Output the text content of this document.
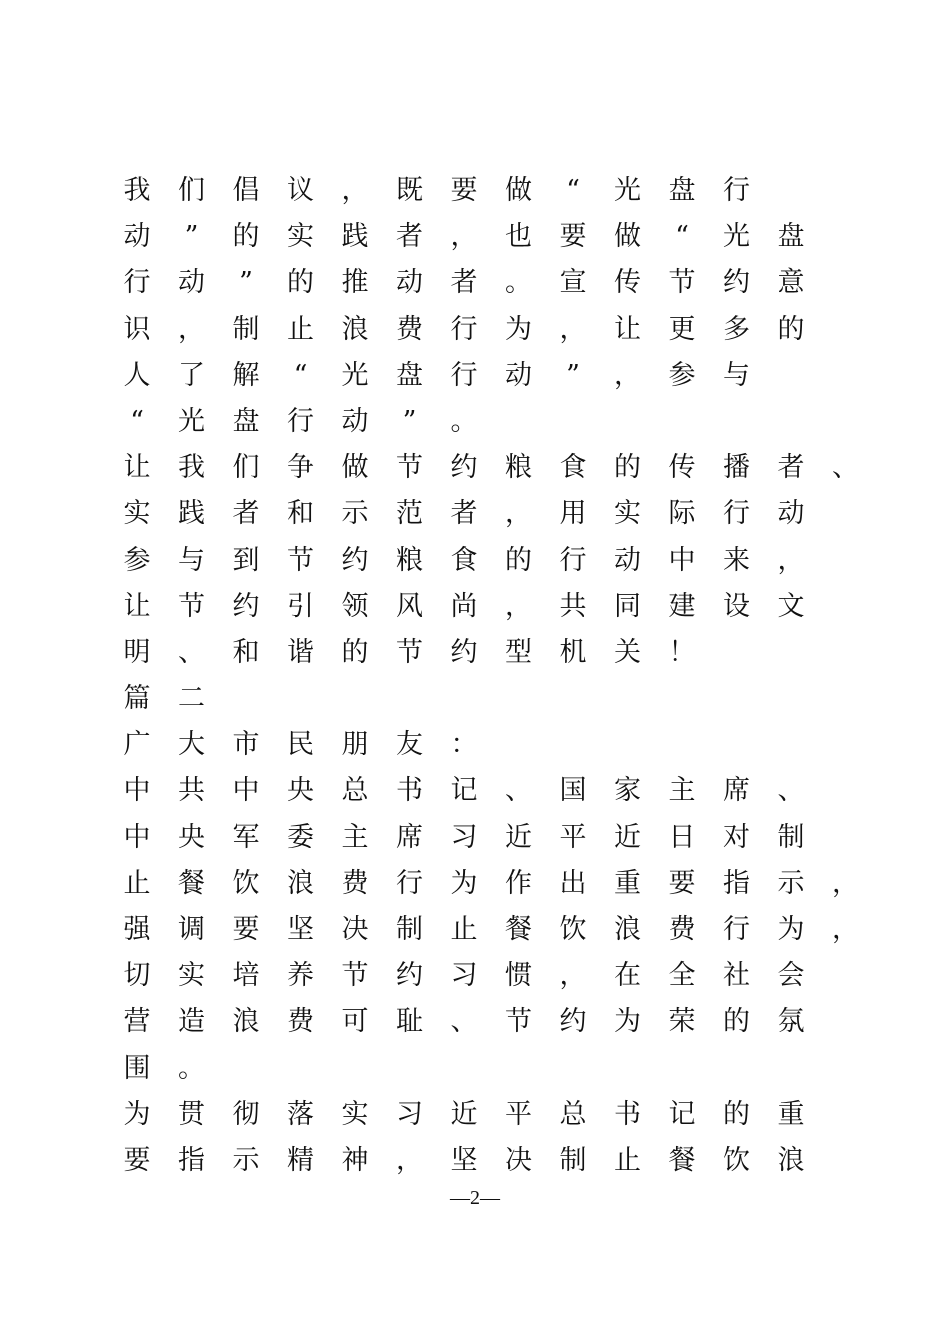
我 们 倡 议 ， 既 要 做 “ 光 盘 行
动 ” 的 实 践 者 ， 也 要 做 “ 光 盘
行 动 ” 的 推 动 者 。 宣 传 节 约 意
识 ， 制 止 浪 费 行 为 ， 让 更 多 的
人 了 解 “ 光 盘 行 动 ” ， 参 与
“ 光 盘 行 动 ” 。
让 我 们 争 做 节 约 粮 食 的 传 播 者 、
实 践 者 和 示 范 者 ， 用 实 际 行 动
参 与 到 节 约 粮 食 的 行 动 中 来 ，
让 节 约 引 领 风 尚 ， 共 同 建 设 文
明 、 和 谐 的 节 约 型 机 关 ！
篇 二
广 大 市 民 朋 友 ：
中 共 中 央 总 书 记 、 国 家 主 席 、
中 央 军 委 主 席 习 近 平 近 日 对 制
止 餐 饮 浪 费 行 为 作 出 重 要 指 示 ，
强 调 要 坚 决 制 止 餐 饮 浪 费 行 为 ，
切 实 培 养 节 约 习 惯 ， 在 全 社 会
营 造 浪 费 可 耻 、 节 约 为 荣 的 氛
围 。
为 贯 彻 落 实 习 近 平 总 书 记 的 重
要 指 示 精 神 ， 坚 决 制 止 餐 饮 浪
—2—
